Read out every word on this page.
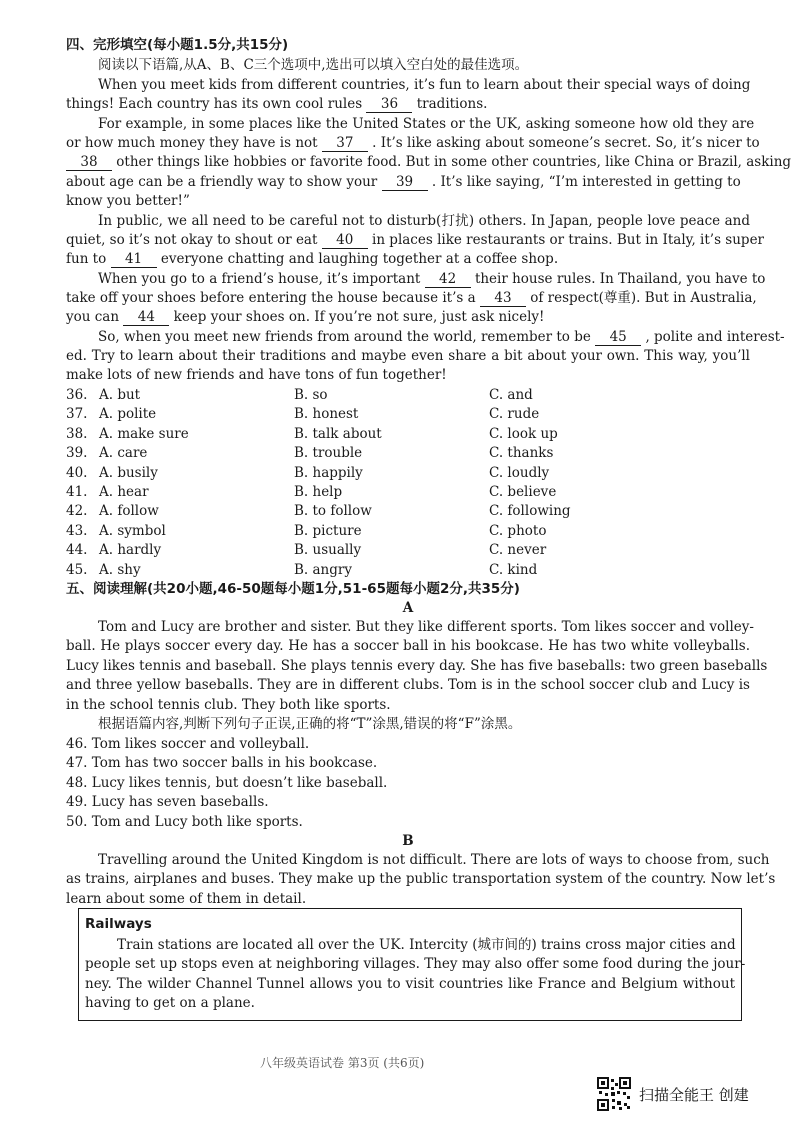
四、完形填空(每小题1.5分,共15分)
阅读以下语篇,从A、B、C三个选项中,选出可以填入空白处的最佳选项。
When you meet kids from different countries, it’s fun to learn about their special ways of doing
things! Each country has its own cool rules 36 traditions.
For example, in some places like the United States or the UK, asking someone how old they are
or how much money they have is not 37 . It’s like asking about someone’s secret. So, it’s nicer to
38 other things like hobbies or favorite food. But in some other countries, like China or Brazil, asking
about age can be a friendly way to show your 39 . It’s like saying, “I’m interested in getting to
know you better!”
In public, we all need to be careful not to disturb(打扰) others. In Japan, people love peace and
quiet, so it’s not okay to shout or eat 40 in places like restaurants or trains. But in Italy, it’s super
fun to 41 everyone chatting and laughing together at a coffee shop.
When you go to a friend’s house, it’s important 42 their house rules. In Thailand, you have to
take off your shoes before entering the house because it’s a 43 of respect(尊重). But in Australia,
you can 44 keep your shoes on. If you’re not sure, just ask nicely!
So, when you meet new friends from around the world, remember to be 45 , polite and interest-
ed. Try to learn about their traditions and maybe even share a bit about your own. This way, you’ll
make lots of new friends and have tons of fun together!
36. A. but	B. so	C. and
37. A. polite	B. honest	C. rude
38. A. make sure	B. talk about	C. look up
39. A. care	B. trouble	C. thanks
40. A. busily	B. happily	C. loudly
41. A. hear	B. help	C. believe
42. A. follow	B. to follow	C. following
43. A. symbol	B. picture	C. photo
44. A. hardly	B. usually	C. never
45. A. shy	B. angry	C. kind
五、阅读理解(共20小题,46-50题每小题1分,51-65题每小题2分,共35分)
A
Tom and Lucy are brother and sister. But they like different sports. Tom likes soccer and volley-
ball. He plays soccer every day. He has a soccer ball in his bookcase. He has two white volleyballs.
Lucy likes tennis and baseball. She plays tennis every day. She has five baseballs: two green baseballs
and three yellow baseballs. They are in different clubs. Tom is in the school soccer club and Lucy is
in the school tennis club. They both like sports.
根据语篇内容,判断下列句子正误,正确的将“T”涂黑,错误的将“F”涂黑。
46. Tom likes soccer and volleyball.
47. Tom has two soccer balls in his bookcase.
48. Lucy likes tennis, but doesn’t like baseball.
49. Lucy has seven baseballs.
50. Tom and Lucy both like sports.
B
Travelling around the United Kingdom is not difficult. There are lots of ways to choose from, such
as trains, airplanes and buses. They make up the public transportation system of the country. Now let’s
learn about some of them in detail.
Railways
Train stations are located all over the UK. Intercity (城市间的) trains cross major cities and
people set up stops even at neighboring villages. They may also offer some food during the jour-
ney. The wilder Channel Tunnel allows you to visit countries like France and Belgium without
having to get on a plane.
八年级英语试卷 第3页 (共6页)
扫描全能王 创建
